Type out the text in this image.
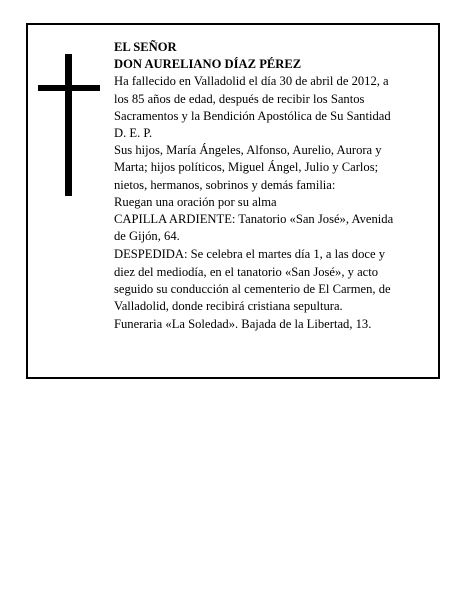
EL SEÑOR
DON AURELIANO DÍAZ PÉREZ

Ha fallecido en Valladolid el día 30 de abril de 2012, a
los 85 años de edad, después de recibir los Santos
Sacramentos y la Bendición Apostólica de Su Santidad
D. E. P.

Sus hijos, María Ángeles, Alfonso, Aurelio, Aurora y
Marta; hijos políticos, Miguel Ángel, Julio y Carlos;
nietos, hermanos, sobrinos y demás familia:

Ruegan una oración por su alma

CAPILLA ARDIENTE: Tanatorio «San José», Avenida
de Gijón, 64.

DESPEDIDA: Se celebra el martes día 1, a las doce y
diez del mediodía, en el tanatorio «San José», y acto
seguido su conducción al cementerio de El Carmen, de
Valladolid, donde recibirá cristiana sepultura.

Funeraria «La Soledad». Bajada de la Libertad, 13.
